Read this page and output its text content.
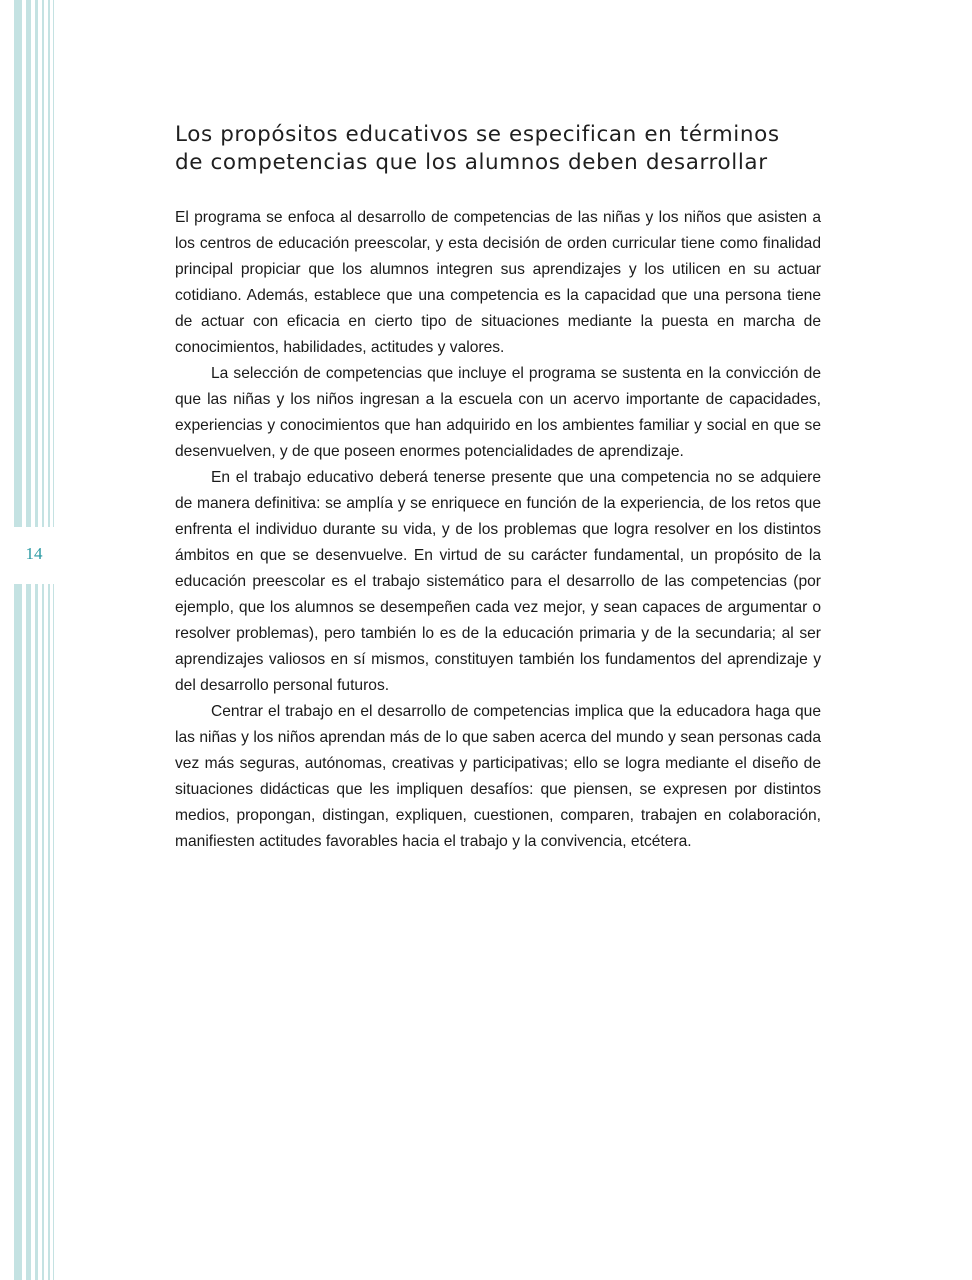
14
Los propósitos educativos se especifican en términos
de competencias que los alumnos deben desarrollar

El programa se enfoca al desarrollo de competencias de las niñas y los niños que asisten a los centros de educación preescolar, y esta decisión de orden curricular tiene como finalidad principal propiciar que los alumnos integren sus aprendizajes y los utilicen en su actuar cotidiano. Además, establece que una competencia es la capacidad que una persona tiene de actuar con eficacia en cierto tipo de situaciones mediante la puesta en marcha de conocimientos, habilidades, actitudes y valores.

La selección de competencias que incluye el programa se sustenta en la convicción de que las niñas y los niños ingresan a la escuela con un acervo importante de capacidades, experiencias y conocimientos que han adquirido en los ambientes familiar y social en que se desenvuelven, y de que poseen enormes potencialidades de aprendizaje.

En el trabajo educativo deberá tenerse presente que una competencia no se adquiere de manera definitiva: se amplía y se enriquece en función de la experiencia, de los retos que enfrenta el individuo durante su vida, y de los problemas que logra resolver en los distintos ámbitos en que se desenvuelve. En virtud de su carácter fundamental, un propósito de la educación preescolar es el trabajo sistemático para el desarrollo de las competencias (por ejemplo, que los alumnos se desempeñen cada vez mejor, y sean capaces de argumentar o resolver problemas), pero también lo es de la educación primaria y de la secundaria; al ser aprendizajes valiosos en sí mismos, constituyen también los fundamentos del aprendizaje y del desarrollo personal futuros.

Centrar el trabajo en el desarrollo de competencias implica que la educadora haga que las niñas y los niños aprendan más de lo que saben acerca del mundo y sean personas cada vez más seguras, autónomas, creativas y participativas; ello se logra mediante el diseño de situaciones didácticas que les impliquen desafíos: que piensen, se expresen por distintos medios, propongan, distingan, expliquen, cuestionen, comparen, trabajen en colaboración, manifiesten actitudes favorables hacia el trabajo y la convivencia, etcétera.
